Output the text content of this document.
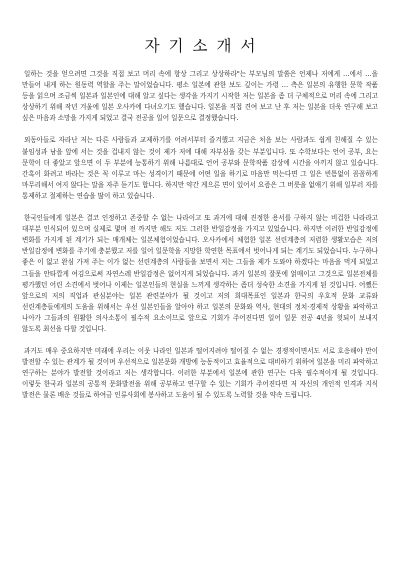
자기소개서

일하는 것을 얻으려면 그것을 직접 보고 머리 속에 항상 그리고 상상하라"는 부모님의 말씀은 언제나 저에게 …에서 …을 만들어 내게 하는 원동력 역할을 주는 말이었습니다. 평소 일본에 관한 보도 깊이는 가령 … 측은 일본의 유행한 문학 작품 등을 읽으며 조금씩 일본과 일본인에 대해 알고 싶다는 생각을 가지기 시작한 저는 일본을 좀 더 구체적으로 머리 속에 그리고 상상하기 위해 작년 겨울에 일본 오사카에 다녀오기도 했습니다. 일본을 직접 견여 보고 난 후 저는 일본을 더욱 연구해 보고 싶은 마음과 소망을 가지게 되었고 결국 전공을 일어 일문으로 결정했습니다.

외동아들로 자라난 저는 다른 사람들과 교제하기를 어려서부터 즐겨했고 지금은 처음 보는 사람과도 쉽게 친해질 수 있는 붙임성과 남을 앞에 서는 것을 겁내지 않는 것이 제가 저에 대해 자부심을 갖는 부분입니다. 또 수학보다는 언어 공부, 요는 문학이 더 좋았고 앞으면 이 두 부분에 능통하기 위해 나름대로 언어 공부와 문학작품 감상에 시간을 아끼지 않고 있습니다. 간혹이 화려고 바라는 것은 꼭 이루고 마는 성격이기 때문에 어떤 일을 하기로 마음만 먹는다면 그 일은 빈틈없이 꼼꼼하게 마무리해서 여지 않다는 말을 자주 듣기도 합니다. 하지만 약간 게으른 면이 있어서 요즘은 그 버릇을 없애기 위해 일부러 자를 통제하고 절제하는 연습을 많이 하고 있습니다.

한국인들에게 일본은 결코 인정하고 존중할 수 없는 나라이고 또 과거에 대해 진정한 용서를 구하지 않는 비겁한 나라라고 대부분 인식되어 있으며 실제로 몇며 전 까지만 해도 저도 그러한 반일감정을 가지고 있었습니다. 하지만 이러한 반일감정에 변화를 가지게 된 계기가 되는 매개체는 일본체험이었습니다. 오사카에서 체험한 일본 선린계층의 저렴한 생활모습은 저의 반일감정에 변화를 주기에 충분했고 저를 일어 일문학을 지망한 학연한 목표에서 벗어나게 되는 계기도 되었습니다. 누구하나 좋은 이 없고 완심 가져 주는 이가 없는 선린계층의 사람들을 보면서 저는 그들을 제가 도와야 하겠다는 마음을 먹게 되었고 그들을 안타깝게 여김으로써 자연스레 반일감정은 없어지게 되었습니다. 과거 일본의 잘못에 얽매이고 그것으로 일본전체를 평가했던 어린 소견에서 벗어나 이제는 일본인들의 현실을 느끼게 생각하는 좀더 성숙한 소견을 가지게 된 것입니다. 어쨌든 앞으로의 저의 직업과 관심분야는 일본 관련분야가 될 것이고 저의 희대목표인 일본과 한국의 우호적 문화 교류와 선린계층들에게의 도움을 위해서는 우선 일본인들을 알아야 하고 일본의 문화와 역사, 현대의 정치·경제적 상황을 파악하고 나아가 그들과의 원활한 의사소통이 필수적 요소이므로 앞으로 기회가 주어진다면 일어 일문 전공 4년을 헛되이 보내지 않도록 최선을 다할 것입니다.

과거도 매우 중요하지만 미래에 우리는 이웃 나라인 일본과 떨어지려야 떨어질 수 없는 경쟁적이면서도 서로 호응해야 만이 발전할 수 있는 관계가 될 것이며 우선적으로 일본문화 개방에 능동적이고 효율적으로 대비하기 위하여 일본을 미리 파악하고 연구하는 분야가 발전할 것이라고 저는 생각합니다. 이러한 부분에서 일본에 관한 연구는 다욱 필수적이게 될 것입니다. 이렇듯 한국과 일본의 공통적 문화발전을 위해 공부하고 연구할 수 있는 기회가 주어진다면 저 자신의 개인적 인격과 지식 발전은 물론 배운 것들로 하여금 인류사회에 봉사하고 도움이 될 수 있도록 노력할 것을 약속 드립니다.
